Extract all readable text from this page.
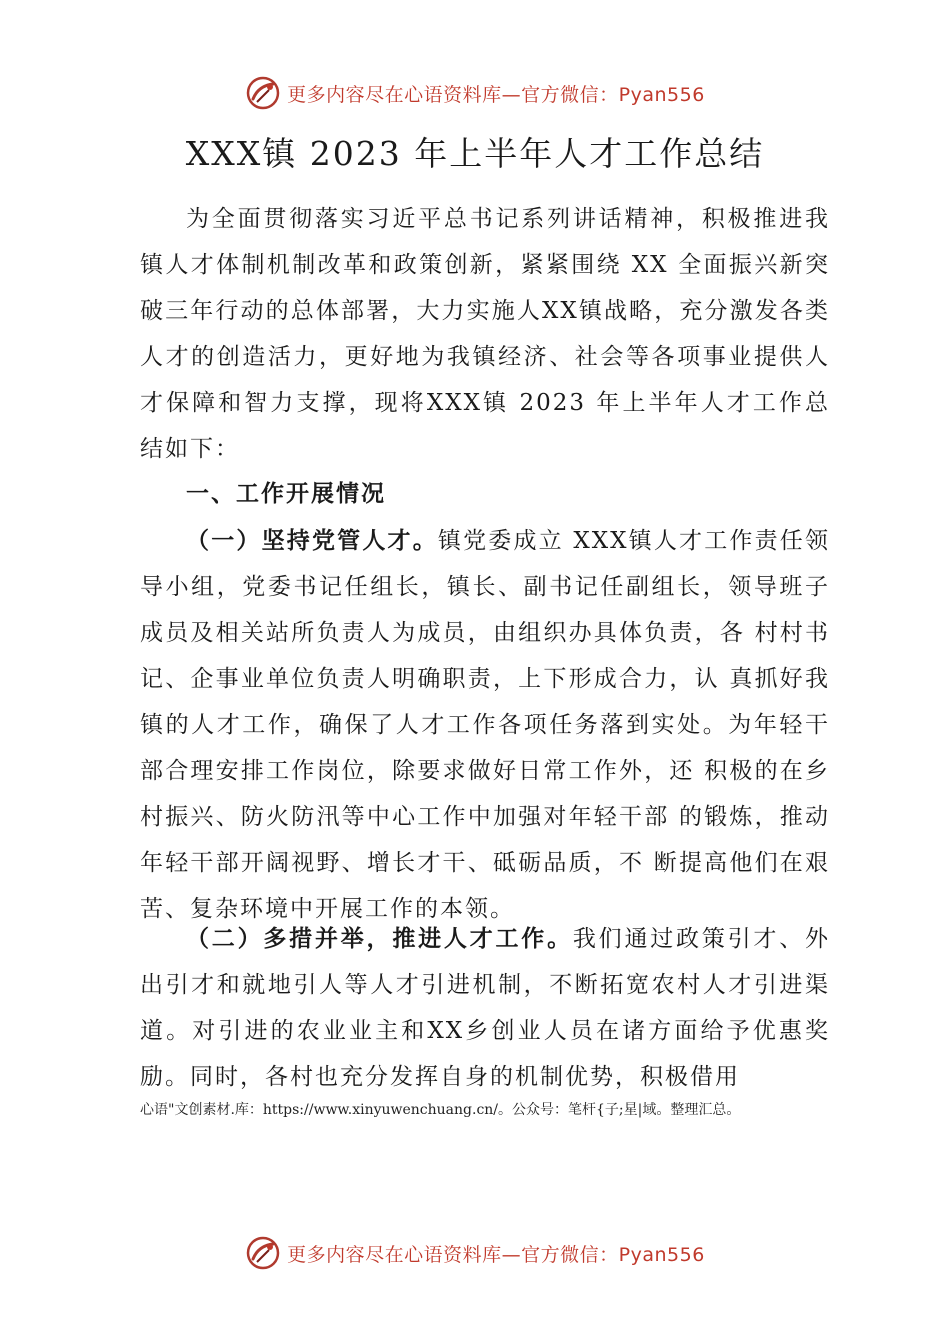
更多内容尽在心语资料库—官方微信：Pyan556
XXX镇 2023 年上半年人才工作总结

为全面贯彻落实习近平总书记系列讲话精神，积极推进我镇人才体制机制改革和政策创新，紧紧围绕 XX 全面振兴新突破三年行动的总体部署，大力实施人XX镇战略，充分激发各类人才的创造活力，更好地为我镇经济、社会等各项事业提供人才保障和智力支撑，现将XXX镇 2023 年上半年人才工作总结如下：

一、工作开展情况

（一）坚持党管人才。镇党委成立 XXX镇人才工作责任领导小组，党委书记任组长，镇长、副书记任副组长，领导班子成员及相关站所负责人为成员，由组织办具体负责，各 村村书记、企事业单位负责人明确职责，上下形成合力，认 真抓好我镇的人才工作，确保了人才工作各项任务落到实处。为年轻干部合理安排工作岗位，除要求做好日常工作外，还 积极的在乡村振兴、防火防汛等中心工作中加强对年轻干部 的锻炼，推动年轻干部开阔视野、增长才干、砥砺品质，不 断提高他们在艰苦、复杂环境中开展工作的本领。

（二）多措并举，推进人才工作。我们通过政策引才、外出引才和就地引人等人才引进机制，不断拓宽农村人才引进渠道。对引进的农业业主和XX乡创业人员在诸方面给予优惠奖励。同时，各村也充分发挥自身的机制优势，积极借用

心语"文创素材.库：https://www.xinyuwenchuang.cn/。公众号：笔杆{子;星|域。整理汇总。
更多内容尽在心语资料库—官方微信：Pyan556
